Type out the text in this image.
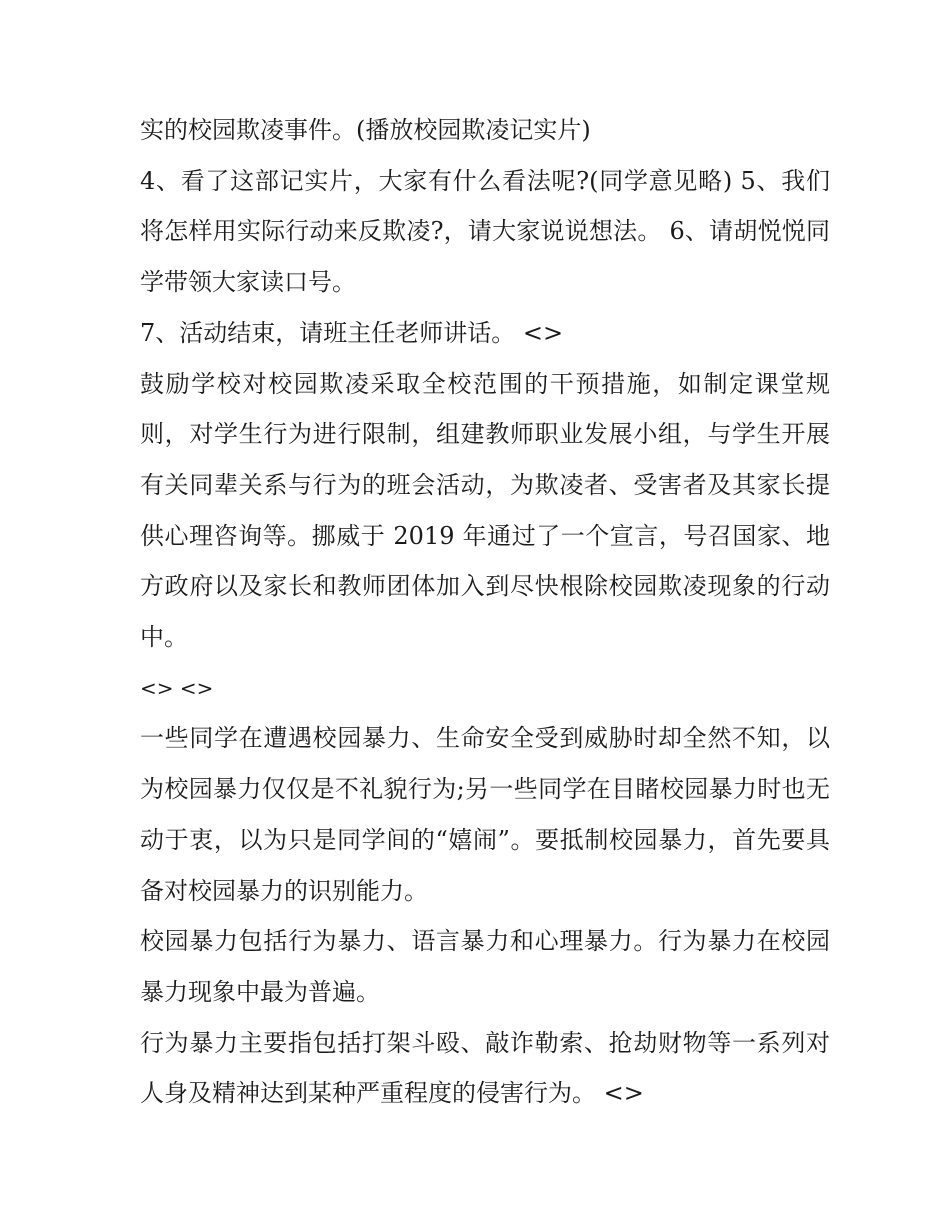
实的校园欺凌事件。(播放校园欺凌记实片)

4、看了这部记实片，大家有什么看法呢?(同学意见略) 5、我们将怎样用实际行动来反欺凌?，请大家说说想法。 6、请胡悦悦同学带领大家读口号。

7、活动结束，请班主任老师讲话。 <>

鼓励学校对校园欺凌采取全校范围的干预措施，如制定课堂规则，对学生行为进行限制，组建教师职业发展小组，与学生开展有关同辈关系与行为的班会活动，为欺凌者、受害者及其家长提供心理咨询等。挪威于 2019 年通过了一个宣言，号召国家、地方政府以及家长和教师团体加入到尽快根除校园欺凌现象的行动中。

<> <>

一些同学在遭遇校园暴力、生命安全受到威胁时却全然不知，以为校园暴力仅仅是不礼貌行为;另一些同学在目睹校园暴力时也无动于衷，以为只是同学间的“嬉闹”。要抵制校园暴力，首先要具备对校园暴力的识别能力。

校园暴力包括行为暴力、语言暴力和心理暴力。行为暴力在校园暴力现象中最为普遍。

行为暴力主要指包括打架斗殴、敲诈勒索、抢劫财物等一系列对人身及精神达到某种严重程度的侵害行为。 <>
